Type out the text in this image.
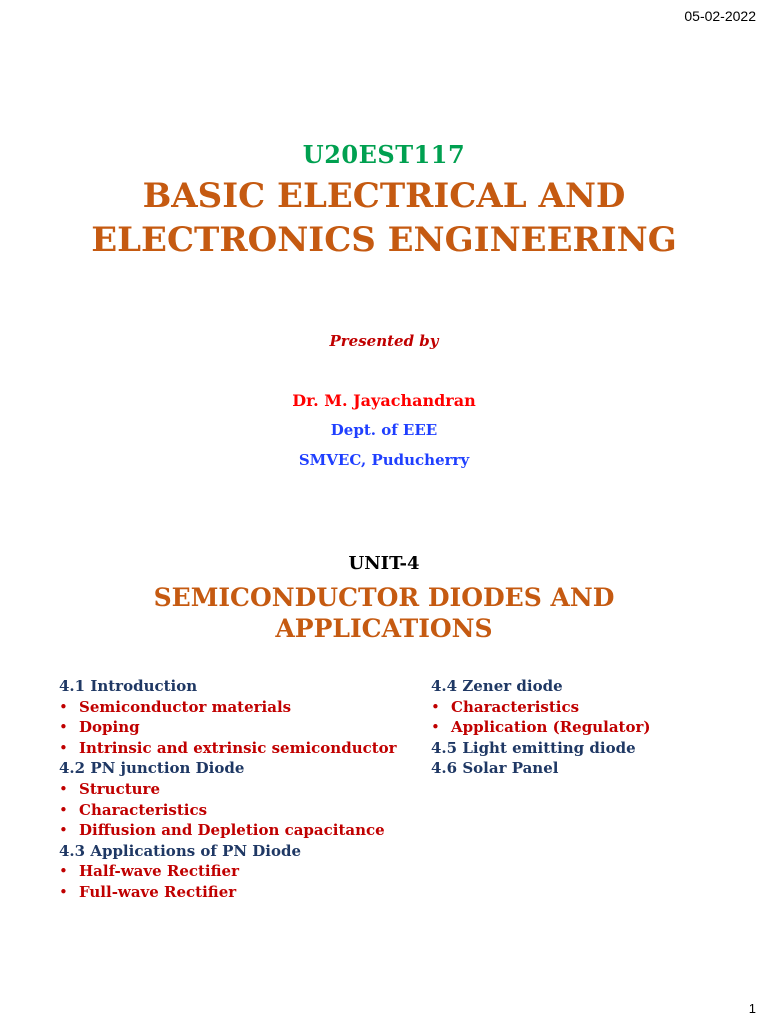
05-02-2022
U20EST117
BASIC ELECTRICAL AND
ELECTRONICS ENGINEERING
Presented by
Dr. M. Jayachandran
Dept. of EEE
SMVEC, Puducherry
UNIT-4
SEMICONDUCTOR DIODES AND
APPLICATIONS
4.1 Introduction
• Semiconductor materials
• Doping
• Intrinsic and extrinsic semiconductor
4.2 PN junction Diode
• Structure
• Characteristics
• Diffusion and Depletion capacitance
4.3 Applications of PN Diode
• Half-wave Rectifier
• Full-wave Rectifier
4.4 Zener diode
• Characteristics
• Application (Regulator)
4.5 Light emitting diode
4.6 Solar Panel
1
